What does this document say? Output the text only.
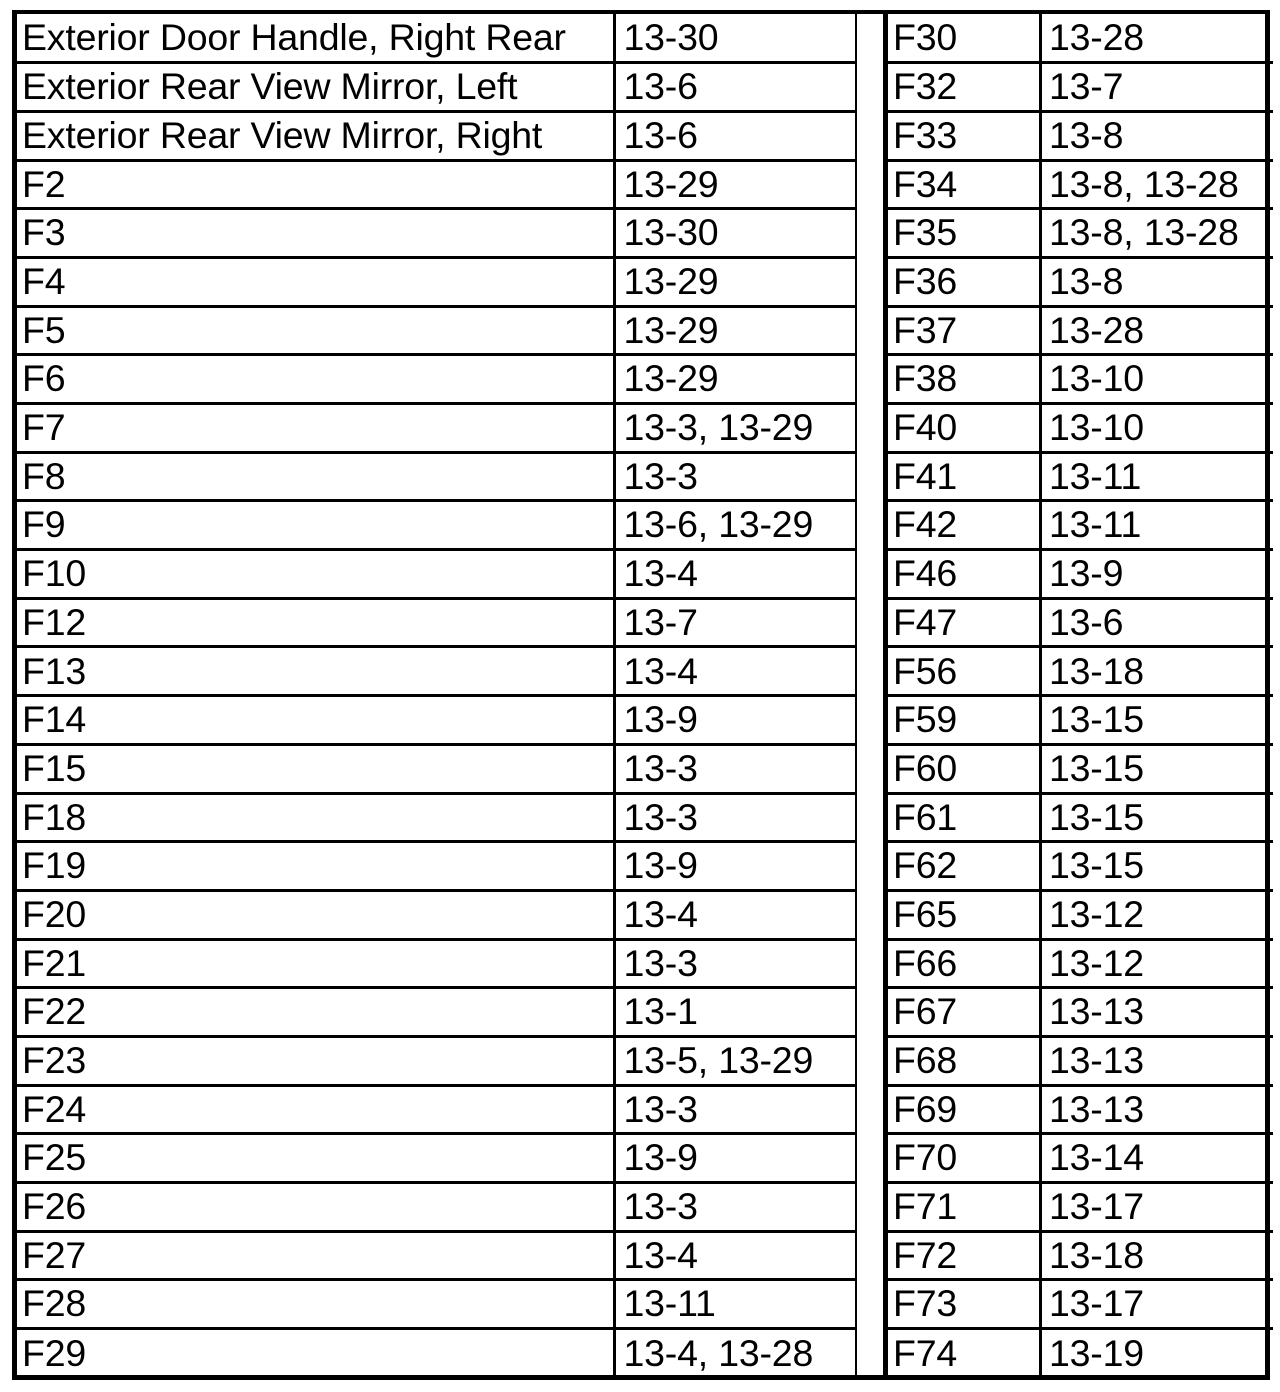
Exterior Door Handle, Right Rear	13-30
Exterior Rear View Mirror, Left	13-6
Exterior Rear View Mirror, Right	13-6
F2	13-29
F3	13-30
F4	13-29
F5	13-29
F6	13-29
F7	13-3, 13-29
F8	13-3
F9	13-6, 13-29
F10	13-4
F12	13-7
F13	13-4
F14	13-9
F15	13-3
F18	13-3
F19	13-9
F20	13-4
F21	13-3
F22	13-1
F23	13-5, 13-29
F24	13-3
F25	13-9
F26	13-3
F27	13-4
F28	13-11
F29	13-4, 13-28
F30	13-28
F32	13-7
F33	13-8
F34	13-8, 13-28
F35	13-8, 13-28
F36	13-8
F37	13-28
F38	13-10
F40	13-10
F41	13-11
F42	13-11
F46	13-9
F47	13-6
F56	13-18
F59	13-15
F60	13-15
F61	13-15
F62	13-15
F65	13-12
F66	13-12
F67	13-13
F68	13-13
F69	13-13
F70	13-14
F71	13-17
F72	13-18
F73	13-17
F74	13-19
